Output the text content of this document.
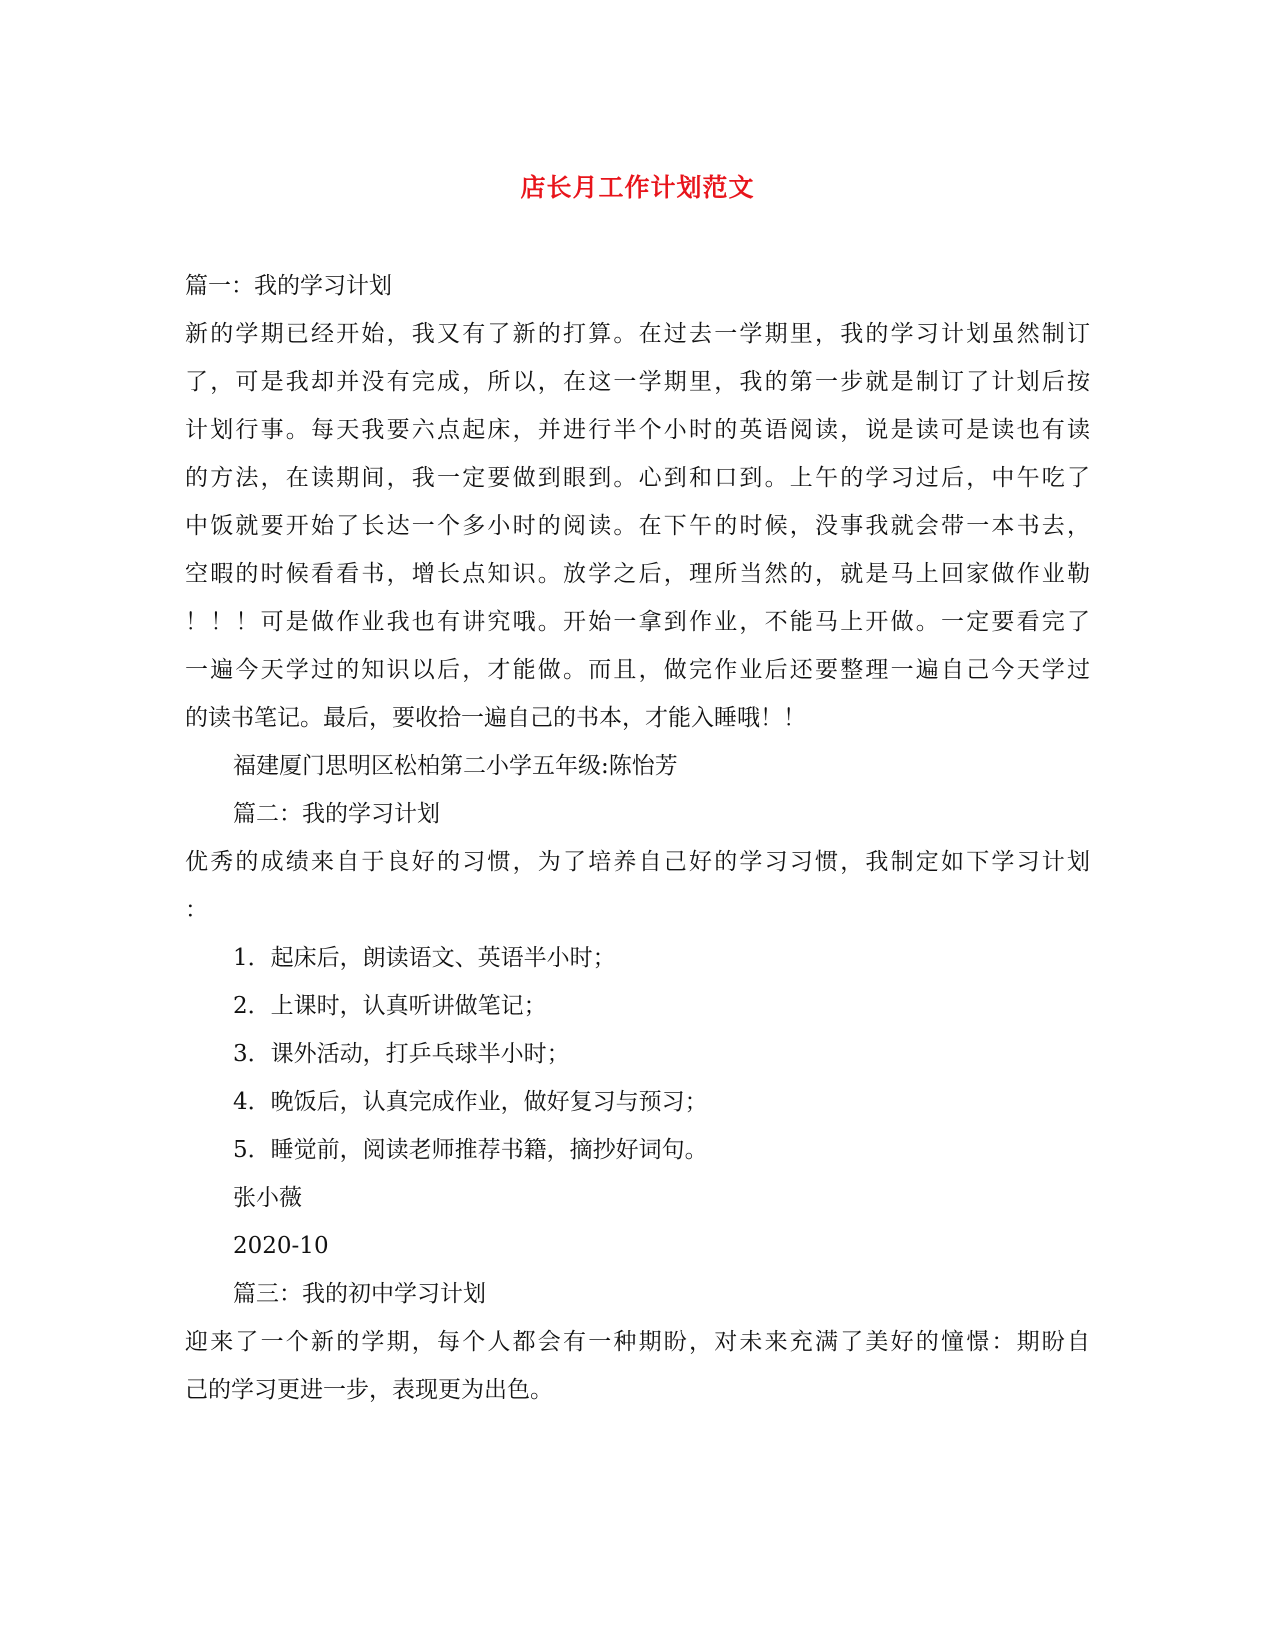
店长月工作计划范文
篇一：我的学习计划
新的学期已经开始，我又有了新的打算。在过去一学期里，我的学习计划虽然制订
了，可是我却并没有完成，所以，在这一学期里，我的第一步就是制订了计划后按
计划行事。每天我要六点起床，并进行半个小时的英语阅读，说是读可是读也有读
的方法，在读期间，我一定要做到眼到。心到和口到。上午的学习过后，中午吃了
中饭就要开始了长达一个多小时的阅读。在下午的时候，没事我就会带一本书去，
空暇的时候看看书，增长点知识。放学之后，理所当然的，就是马上回家做作业勒
！！！可是做作业我也有讲究哦。开始一拿到作业，不能马上开做。一定要看完了
一遍今天学过的知识以后，才能做。而且，做完作业后还要整理一遍自己今天学过
的读书笔记。最后，要收拾一遍自己的书本，才能入睡哦！！
福建厦门思明区松柏第二小学五年级:陈怡芳
篇二：我的学习计划
优秀的成绩来自于良好的习惯，为了培养自己好的学习习惯，我制定如下学习计划
：
1．起床后，朗读语文、英语半小时；
2．上课时，认真听讲做笔记；
3．课外活动，打乒乓球半小时；
4．晚饭后，认真完成作业，做好复习与预习；
5．睡觉前，阅读老师推荐书籍，摘抄好词句。
张小薇
2020-10
篇三：我的初中学习计划
迎来了一个新的学期，每个人都会有一种期盼，对未来充满了美好的憧憬：期盼自
己的学习更进一步，表现更为出色。
